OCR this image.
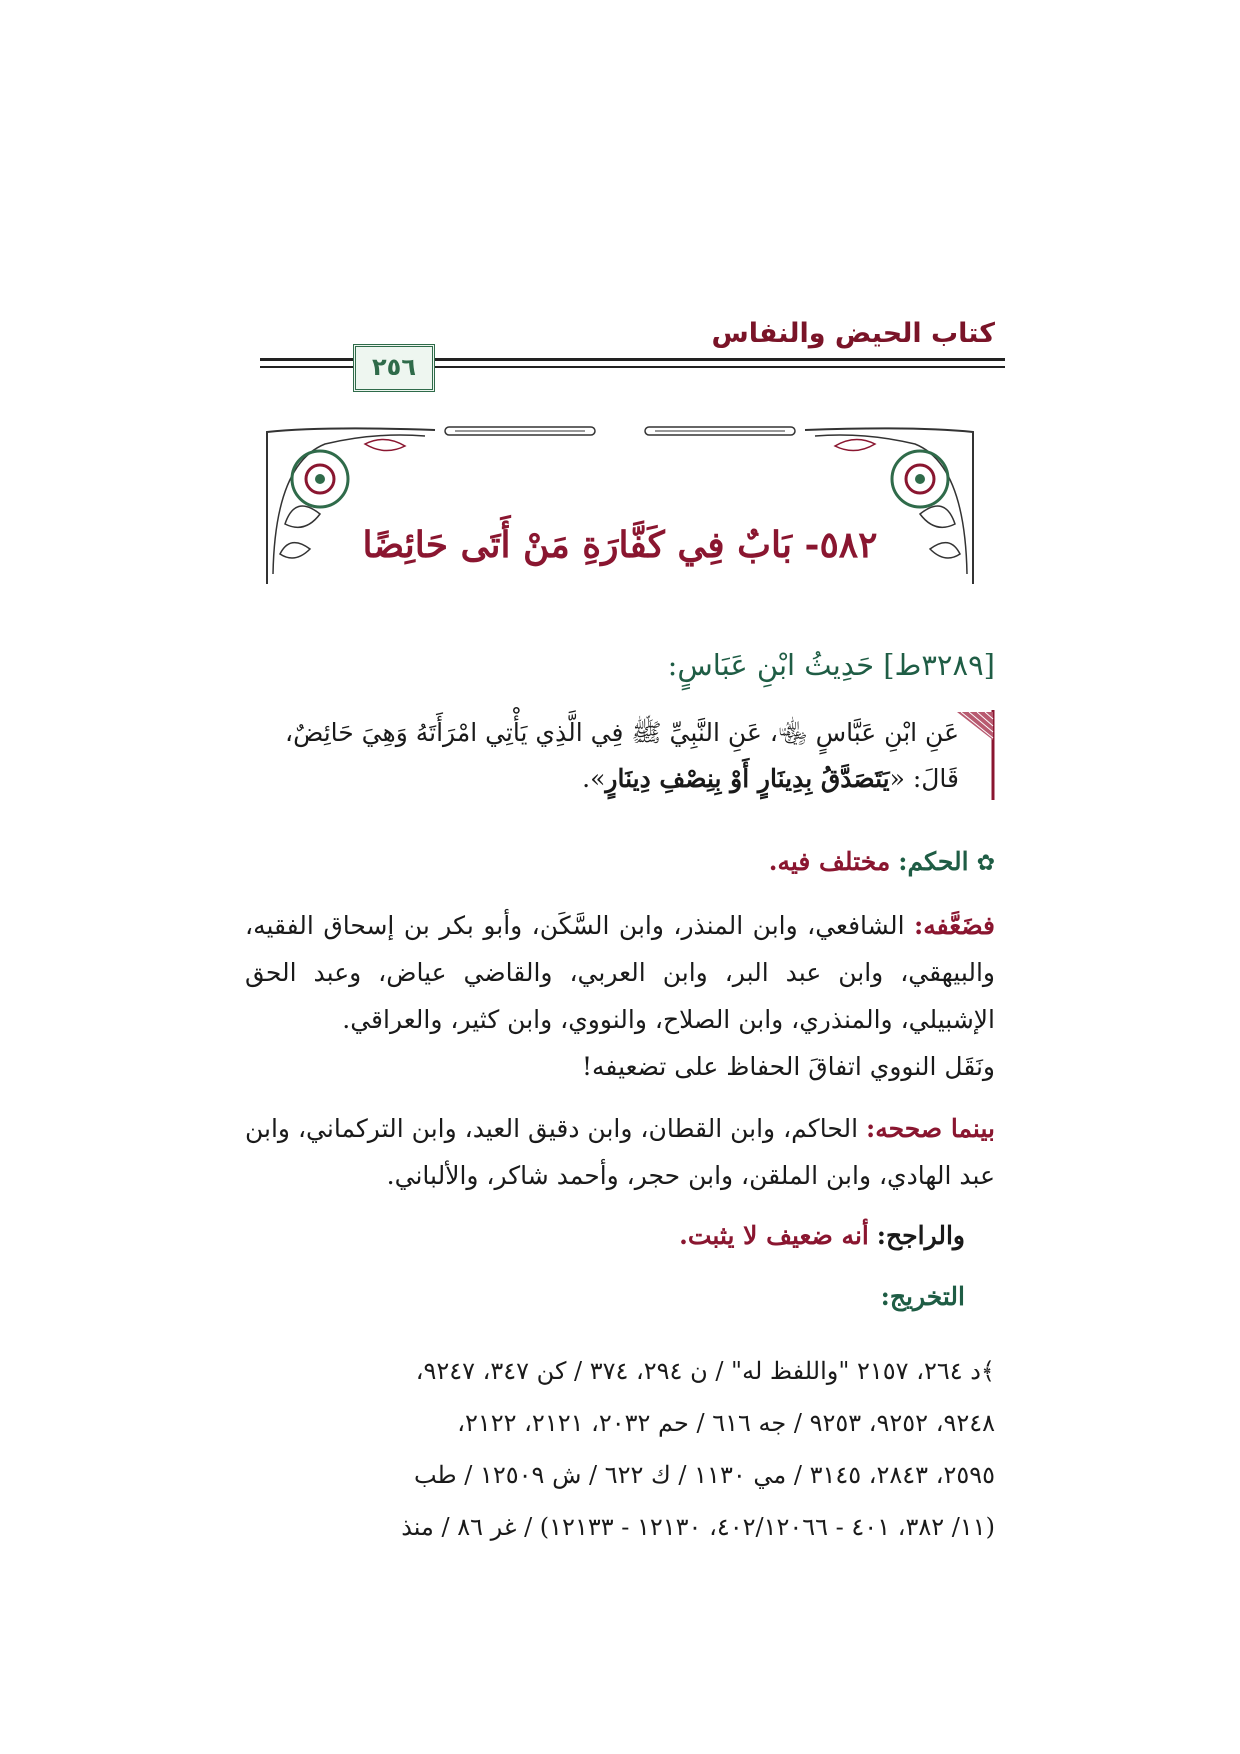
كتاب الحيض والنفاس
٢٥٦
٥٨٢- بَابٌ فِي كَفَّارَةِ مَنْ أَتَى حَائِضًا
[٣٢٨٩ط] حَدِيثُ ابْنِ عَبَاسٍ:
عَنِ ابْنِ عَبَّاسٍ ﵄، عَنِ النَّبِيِّ ﷺ فِي الَّذِي يَأْتِي امْرَأَتَهُ وَهِيَ حَائِضٌ،
قَالَ: «يَتَصَدَّقُ بِدِينَارٍ أَوْ بِنِصْفِ دِينَارٍ».
✿ الحكم: مختلف فيه.
فضَعَّفه: الشافعي، وابن المنذر، وابن السَّكَن، وأبو بكر بن إسحاق الفقيه، والبيهقي، وابن عبد البر، وابن العربي، والقاضي عياض، وعبد الحق الإشبيلي، والمنذري، وابن الصلاح، والنووي، وابن كثير، والعراقي.
ونَقَل النووي اتفاقَ الحفاظ على تضعيفه!
بينما صححه: الحاكم، وابن القطان، وابن دقيق العيد، وابن التركماني، وابن عبد الهادي، وابن الملقن، وابن حجر، وأحمد شاكر، والألباني.
والراجح: أنه ضعيف لا يثبت.
التخريج:
﴾د ٢٦٤، ٢١٥٧ "واللفظ له" / ن ٢٩٤، ٣٧٤ / كن ٣٤٧، ٩٢٤٧،
٩٢٤٨، ٩٢٥٢، ٩٢٥٣ / جه ٦١٦ / حم ٢٠٣٢، ٢١٢١، ٢١٢٢،
٢٥٩٥، ٢٨٤٣، ٣١٤٥ / مي ١١٣٠ / ك ٦٢٢ / ش ١٢٥٠٩ / طب
(١١/ ٣٨٢، ٤٠١ - ٤٠٢/١٢٠٦٦، ١٢١٣٠ - ١٢١٣٣) / غر ٨٦ / منذ
